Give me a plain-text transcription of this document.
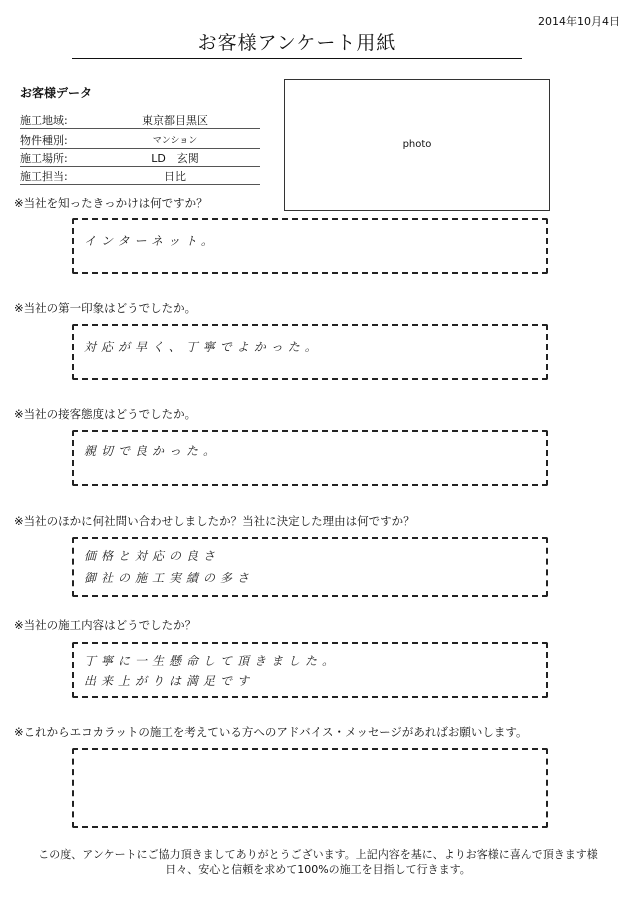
2014年10月4日
お客様アンケート用紙
お客様データ
施工地域:	東京都目黒区
物件種別:	マンション
施工場所:	LD　玄関
施工担当:	日比
photo
※当社を知ったきっかけは何ですか？
インターネット。
※当社の第一印象はどうでしたか。
対応が早く、丁寧でよかった。
※当社の接客態度はどうでしたか。
親切で良かった。
※当社のほかに何社問い合わせしましたか？当社に決定した理由は何ですか？
価格と対応の良さ
御社の施工実績の多さ
※当社の施工内容はどうでしたか？
丁寧に一生懸命して頂きました。
出来上がりは満足です
※これからエコカラットの施工を考えている方へのアドバイス・メッセージがあればお願いします。
この度、アンケートにご協力頂きましてありがとうございます。上記内容を基に、よりお客様に喜んで頂きます様
日々、安心と信頼を求めて100%の施工を目指して行きます。
